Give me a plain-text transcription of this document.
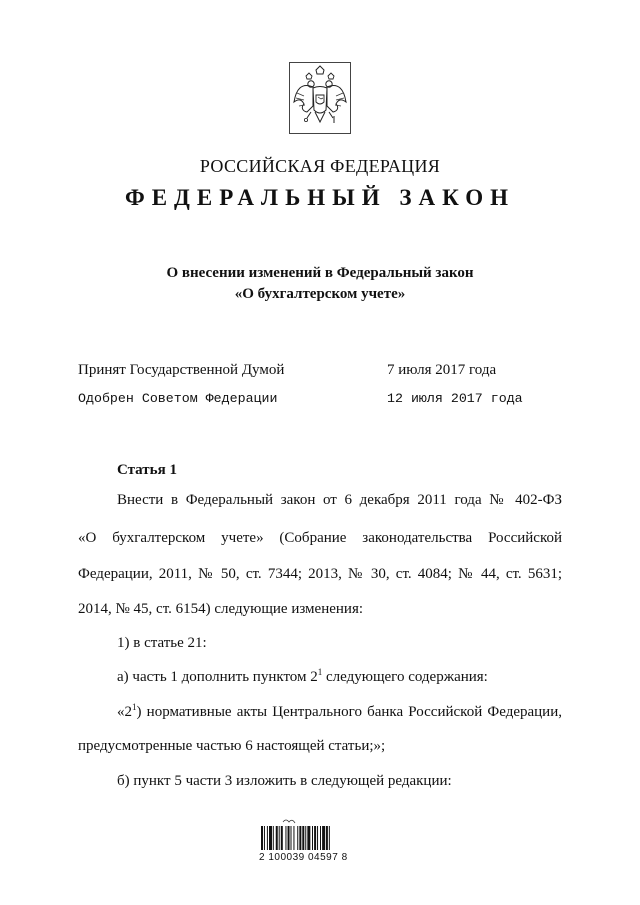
РОССИЙСКАЯ ФЕДЕРАЦИЯ
ФЕДЕРАЛЬНЫЙ ЗАКОН
О внесении изменений в Федеральный закон
«О бухгалтерском учете»
Принят Государственной Думой	7 июля 2017 года
Одобрен Советом Федерации	12 июля 2017 года
Статья 1
Внести в Федеральный закон от 6 декабря 2011 года № 402-ФЗ
«О бухгалтерском учете» (Собрание законодательства Российской
Федерации, 2011, № 50, ст. 7344; 2013, № 30, ст. 4084; № 44, ст. 5631;
2014, № 45, ст. 6154) следующие изменения:
1) в статье 21:
а) часть 1 дополнить пунктом $2^1$ следующего содержания:
«$2^1$) нормативные акты Центрального банка Российской Федерации,
предусмотренные частью 6 настоящей статьи;»;
б) пункт 5 части 3 изложить в следующей редакции:
2 100039 04597 8
